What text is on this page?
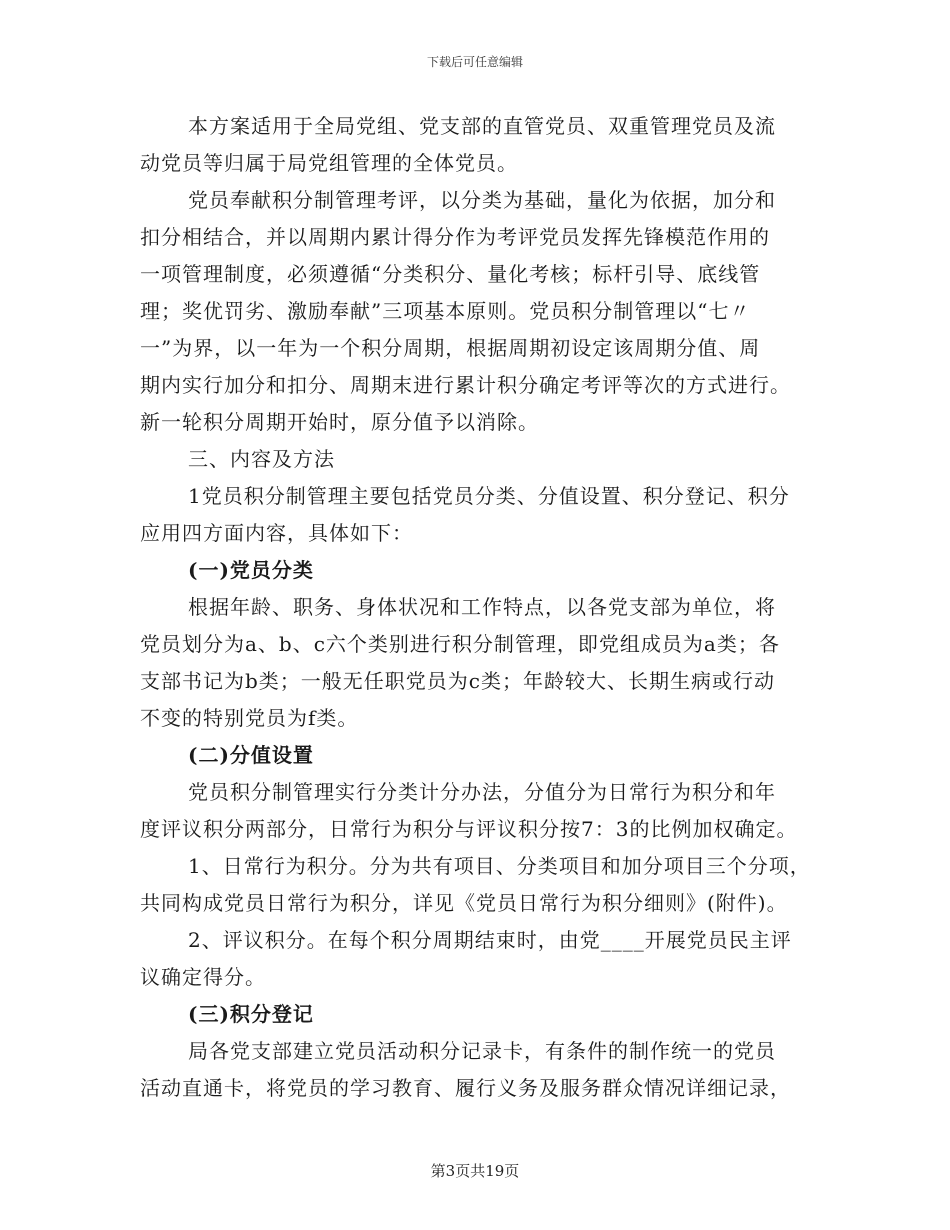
下载后可任意编辑
本方案适用于全局党组、党支部的直管党员、双重管理党员及流
动党员等归属于局党组管理的全体党员。
党员奉献积分制管理考评，以分类为基础，量化为依据，加分和
扣分相结合，并以周期内累计得分作为考评党员发挥先锋模范作用的
一项管理制度，必须遵循“分类积分、量化考核；标杆引导、底线管
理；奖优罚劣、激励奉献”三项基本原则。党员积分制管理以“七〃
一”为界，以一年为一个积分周期，根据周期初设定该周期分值、周
期内实行加分和扣分、周期末进行累计积分确定考评等次的方式进行。
新一轮积分周期开始时，原分值予以消除。
三、内容及方法
1党员积分制管理主要包括党员分类、分值设置、积分登记、积分
应用四方面内容，具体如下：
(一)党员分类
根据年龄、职务、身体状况和工作特点，以各党支部为单位，将
党员划分为a、b、c六个类别进行积分制管理，即党组成员为a类；各
支部书记为b类；一般无任职党员为c类；年龄较大、长期生病或行动
不变的特别党员为f类。
(二)分值设置
党员积分制管理实行分类计分办法，分值分为日常行为积分和年
度评议积分两部分，日常行为积分与评议积分按7：3的比例加权确定。
1、日常行为积分。分为共有项目、分类项目和加分项目三个分项，
共同构成党员日常行为积分，详见《党员日常行为积分细则》(附件)。
2、评议积分。在每个积分周期结束时，由党____开展党员民主评
议确定得分。
(三)积分登记
局各党支部建立党员活动积分记录卡，有条件的制作统一的党员
活动直通卡，将党员的学习教育、履行义务及服务群众情况详细记录，
第3页共19页
